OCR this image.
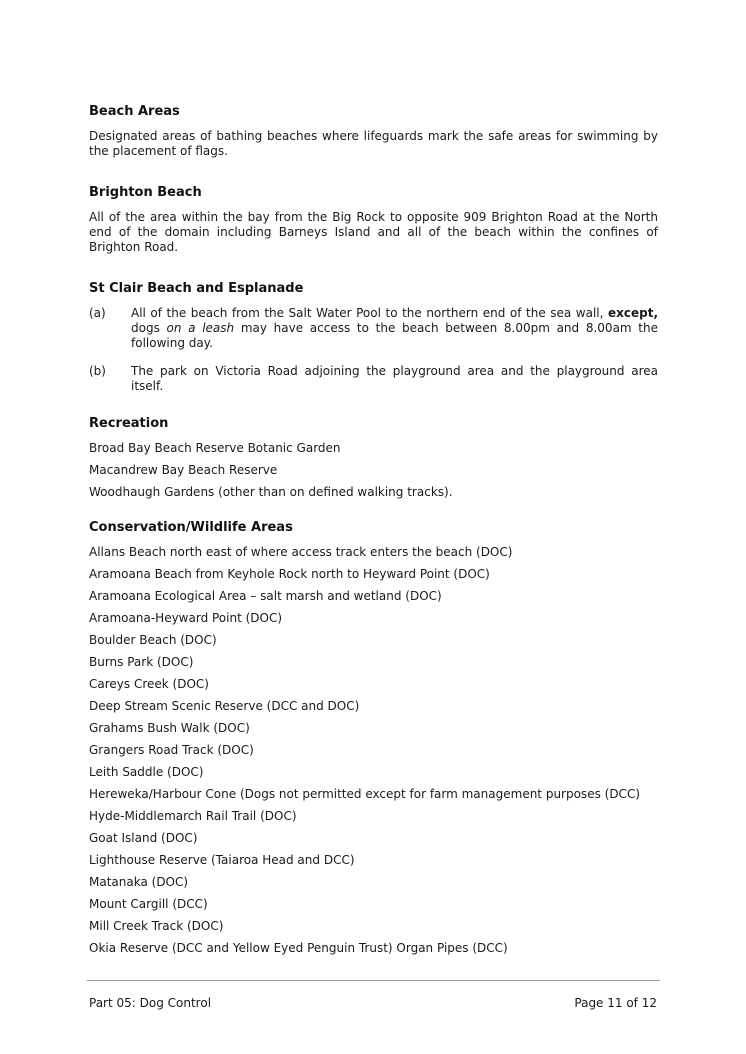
Beach Areas

Designated areas of bathing beaches where lifeguards mark the safe areas for swimming by the placement of flags.

Brighton Beach

All of the area within the bay from the Big Rock to opposite 909 Brighton Road at the North end of the domain including Barneys Island and all of the beach within the confines of Brighton Road.

St Clair Beach and Esplanade
(a)	All of the beach from the Salt Water Pool to the northern end of the sea wall, except, dogs on a leash may have access to the beach between 8.00pm and 8.00am the following day.
(b)	The park on Victoria Road adjoining the playground area and the playground area itself.
Recreation
Broad Bay Beach Reserve Botanic Garden
Macandrew Bay Beach Reserve
Woodhaugh Gardens (other than on defined walking tracks).
Conservation/Wildlife Areas
Allans Beach north east of where access track enters the beach (DOC)
Aramoana Beach from Keyhole Rock north to Heyward Point (DOC)
Aramoana Ecological Area – salt marsh and wetland (DOC)
Aramoana-Heyward Point (DOC)
Boulder Beach (DOC)
Burns Park (DOC)
Careys Creek (DOC)
Deep Stream Scenic Reserve (DCC and DOC)
Grahams Bush Walk (DOC)
Grangers Road Track (DOC)
Leith Saddle (DOC)
Hereweka/Harbour Cone (Dogs not permitted except for farm management purposes (DCC)
Hyde-Middlemarch Rail Trail (DOC)
Goat Island (DOC)
Lighthouse Reserve (Taiaroa Head and DCC)
Matanaka (DOC)
Mount Cargill (DCC)
Mill Creek Track (DOC)
Okia Reserve (DCC and Yellow Eyed Penguin Trust) Organ Pipes (DCC)
Part 05: Dog Control	Page 11 of 12
